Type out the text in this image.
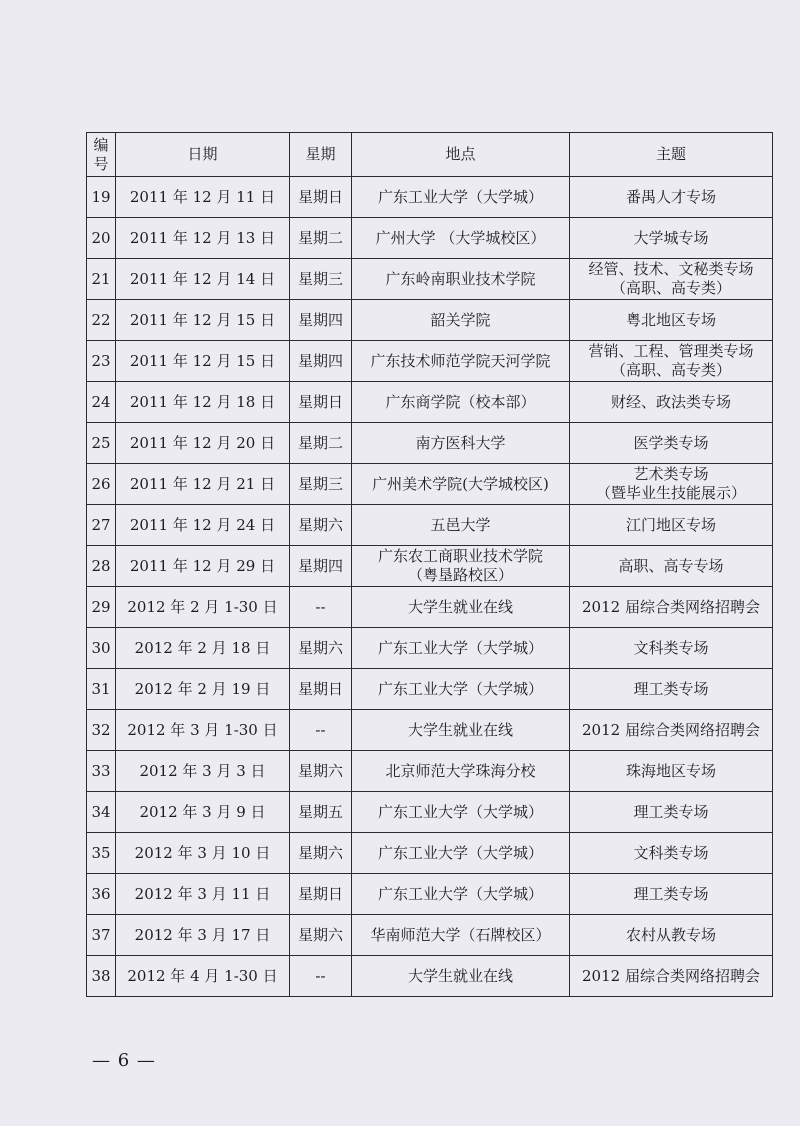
编
号	日期	星期	地点	主题
19	2011 年 12 月 11 日	星期日	广东工业大学（大学城）	番禺人才专场

20	2011 年 12 月 13 日	星期二	广州大学 （大学城校区）	大学城专场

21	2011 年 12 月 14 日	星期三	广东岭南职业技术学院	经管、技术、文秘类专场
（高职、高专类）

22	2011 年 12 月 15 日	星期四	韶关学院	粤北地区专场

23	2011 年 12 月 15 日	星期四	广东技术师范学院天河学院	营销、工程、管理类专场
（高职、高专类）

24	2011 年 12 月 18 日	星期日	广东商学院（校本部）	财经、政法类专场

25	2011 年 12 月 20 日	星期二	南方医科大学	医学类专场

26	2011 年 12 月 21 日	星期三	广州美术学院(大学城校区)	艺术类专场
（暨毕业生技能展示）

27	2011 年 12 月 24 日	星期六	五邑大学	江门地区专场

28	2011 年 12 月 29 日	星期四	广东农工商职业技术学院
（粤垦路校区）	高职、高专专场

29	2012 年 2 月 1-30 日	--	大学生就业在线	2012 届综合类网络招聘会

30	2012 年 2 月 18 日	星期六	广东工业大学（大学城）	文科类专场

31	2012 年 2 月 19 日	星期日	广东工业大学（大学城）	理工类专场

32	2012 年 3 月 1-30 日	--	大学生就业在线	2012 届综合类网络招聘会

33	2012 年 3 月 3 日	星期六	北京师范大学珠海分校	珠海地区专场

34	2012 年 3 月 9 日	星期五	广东工业大学（大学城）	理工类专场

35	2012 年 3 月 10 日	星期六	广东工业大学（大学城）	文科类专场

36	2012 年 3 月 11 日	星期日	广东工业大学（大学城）	理工类专场

37	2012 年 3 月 17 日	星期六	华南师范大学（石牌校区）	农村从教专场

38	2012 年 4 月 1-30 日	--	大学生就业在线	2012 届综合类网络招聘会
— 6 —
